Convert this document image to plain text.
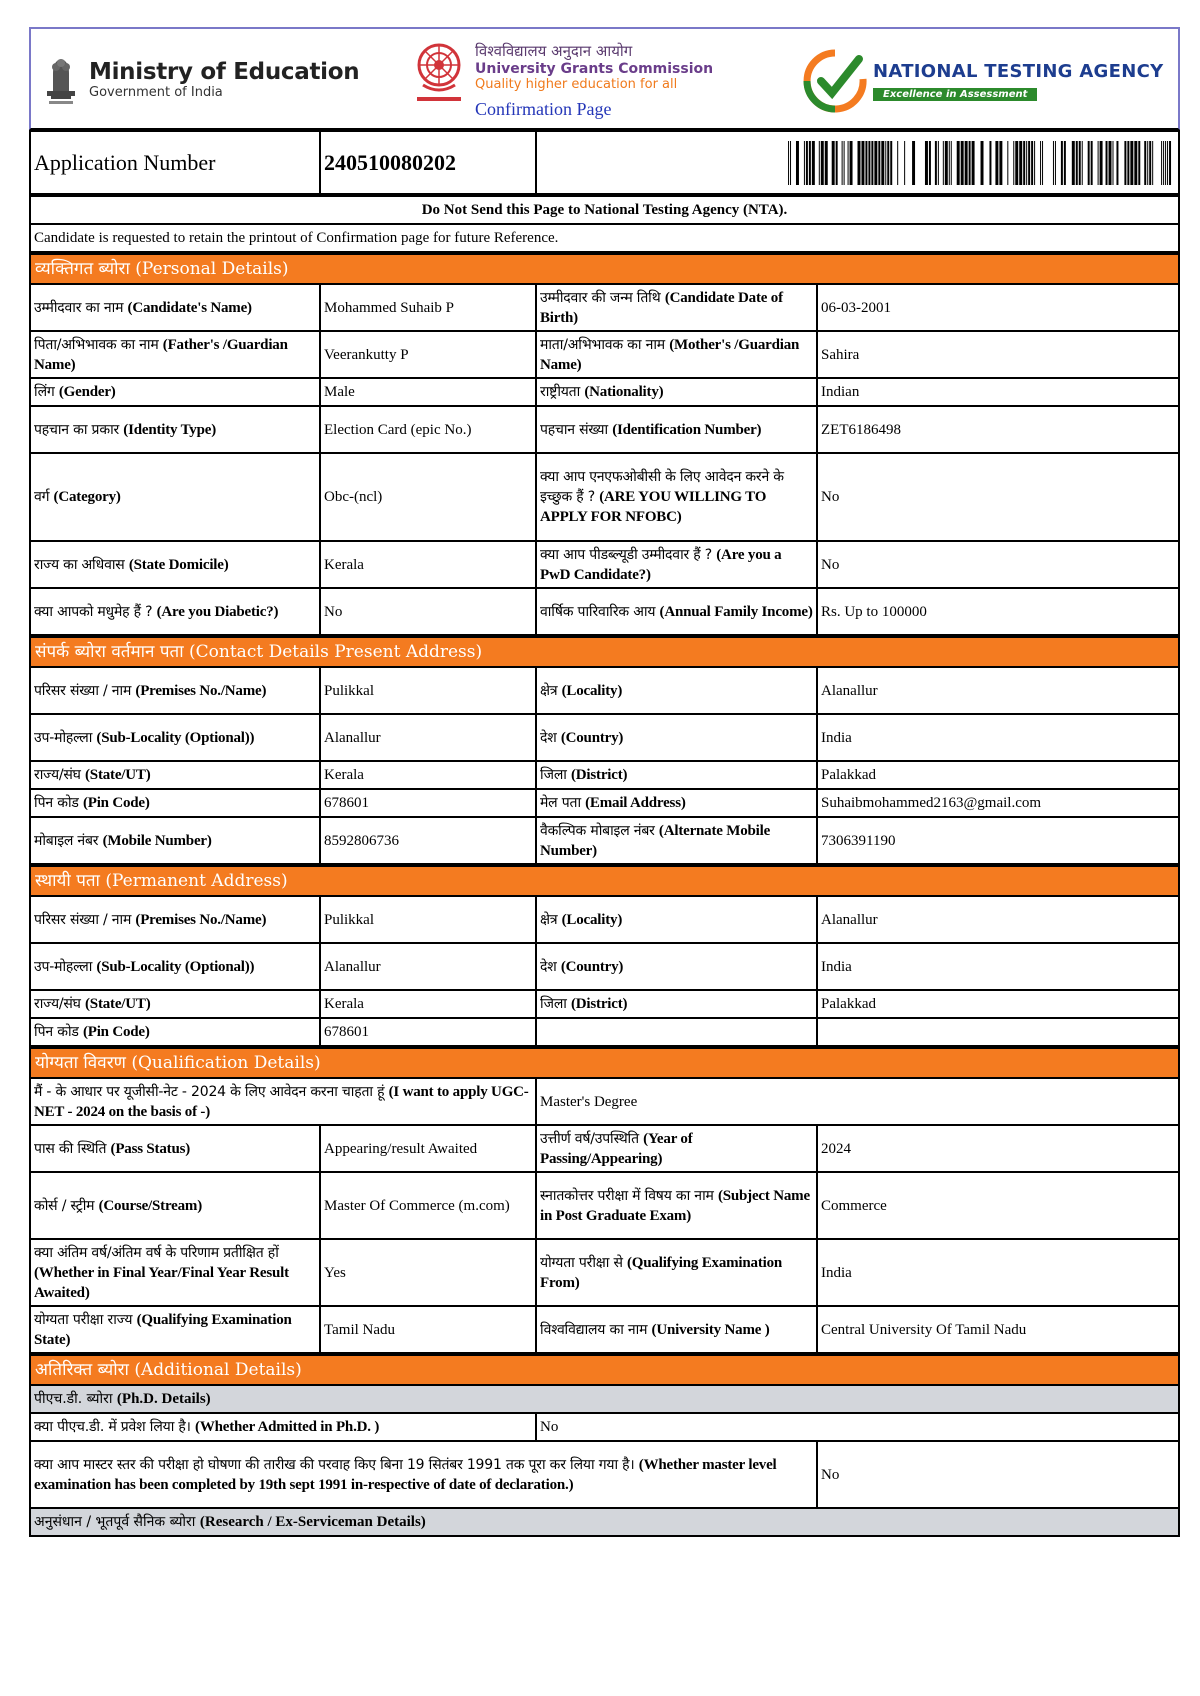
Ministry of Education
Government of India
विश्वविद्यालय अनुदान आयोग
University Grants Commission
Quality higher education for all
Confirmation Page
NATIONAL TESTING AGENCY
Excellence in Assessment
Application Number	240510080202	
Do Not Send this Page to National Testing Agency (NTA).
Candidate is requested to retain the printout of Confirmation page for future Reference.
व्यक्तिगत ब्योरा (Personal Details)			
उम्मीदवार का नाम (Candidate's Name)	Mohammed Suhaib P	उम्मीदवार की जन्म तिथि (Candidate Date of Birth)	06-03-2001
पिता/अभिभावक का नाम (Father's /Guardian Name)	Veerankutty P	माता/अभिभावक का नाम (Mother's /Guardian Name)	Sahira
लिंग (Gender)	Male	राष्ट्रीयता (Nationality)	Indian
पहचान का प्रकार (Identity Type)	Election Card (epic No.)	पहचान संख्या (Identification Number)	ZET6186498
वर्ग (Category)	Obc-(ncl)	क्या आप एनएफओबीसी के लिए आवेदन करने के इच्छुक हैं ? (ARE YOU WILLING TO APPLY FOR NFOBC)	No
राज्य का अधिवास (State Domicile)	Kerala	क्या आप पीडब्ल्यूडी उम्मीदवार हैं ? (Are you a PwD Candidate?)	No
क्या आपको मधुमेह हैं ? (Are you Diabetic?)	No	वार्षिक पारिवारिक आय (Annual Family Income)	Rs. Up to 100000
संपर्क ब्योरा वर्तमान पता (Contact Details Present Address)			
परिसर संख्या / नाम (Premises No./Name)	Pulikkal	क्षेत्र (Locality)	Alanallur
उप-मोहल्ला (Sub-Locality (Optional))	Alanallur	देश (Country)	India
राज्य/संघ (State/UT)	Kerala	जिला (District)	Palakkad
पिन कोड (Pin Code)	678601	मेल पता (Email Address)	Suhaibmohammed2163@gmail.com
मोबाइल नंबर (Mobile Number)	8592806736	वैकल्पिक मोबाइल नंबर (Alternate Mobile Number)	7306391190
स्थायी पता (Permanent Address)			
परिसर संख्या / नाम (Premises No./Name)	Pulikkal	क्षेत्र (Locality)	Alanallur
उप-मोहल्ला (Sub-Locality (Optional))	Alanallur	देश (Country)	India
राज्य/संघ (State/UT)	Kerala	जिला (District)	Palakkad
पिन कोड (Pin Code)	678601		
योग्यता विवरण (Qualification Details)			
मैं - के आधार पर यूजीसी-नेट - 2024 के लिए आवेदन करना चाहता हूं (I want to apply UGC-NET - 2024 on the basis of -)		Master's Degree	
पास की स्थिति (Pass Status)	Appearing/result Awaited	उत्तीर्ण वर्ष/उपस्थिति (Year of Passing/Appearing)	2024
कोर्स / स्ट्रीम (Course/Stream)	Master Of Commerce (m.com)	स्नातकोत्तर परीक्षा में विषय का नाम (Subject Name in Post Graduate Exam)	Commerce
क्या अंतिम वर्ष/अंतिम वर्ष के परिणाम प्रतीक्षित हों (Whether in Final Year/Final Year Result Awaited)	Yes	योग्यता परीक्षा से (Qualifying Examination From)	India
योग्यता परीक्षा राज्य (Qualifying Examination State)	Tamil Nadu	विश्वविद्यालय का नाम (University Name )	Central University Of Tamil Nadu
अतिरिक्त ब्योरा (Additional Details)		
पीएच.डी. ब्योरा (Ph.D. Details)		
क्या पीएच.डी. में प्रवेश लिया है। (Whether Admitted in Ph.D. )	No	
क्या आप मास्टर स्तर की परीक्षा हो घोषणा की तारीख की परवाह किए बिना 19 सितंबर 1991 तक पूरा कर लिया गया है। (Whether master level examination has been completed by 19th sept 1991 in-respective of date of declaration.)		No
अनुसंधान / भूतपूर्व सैनिक ब्योरा (Research / Ex-Serviceman Details)		
